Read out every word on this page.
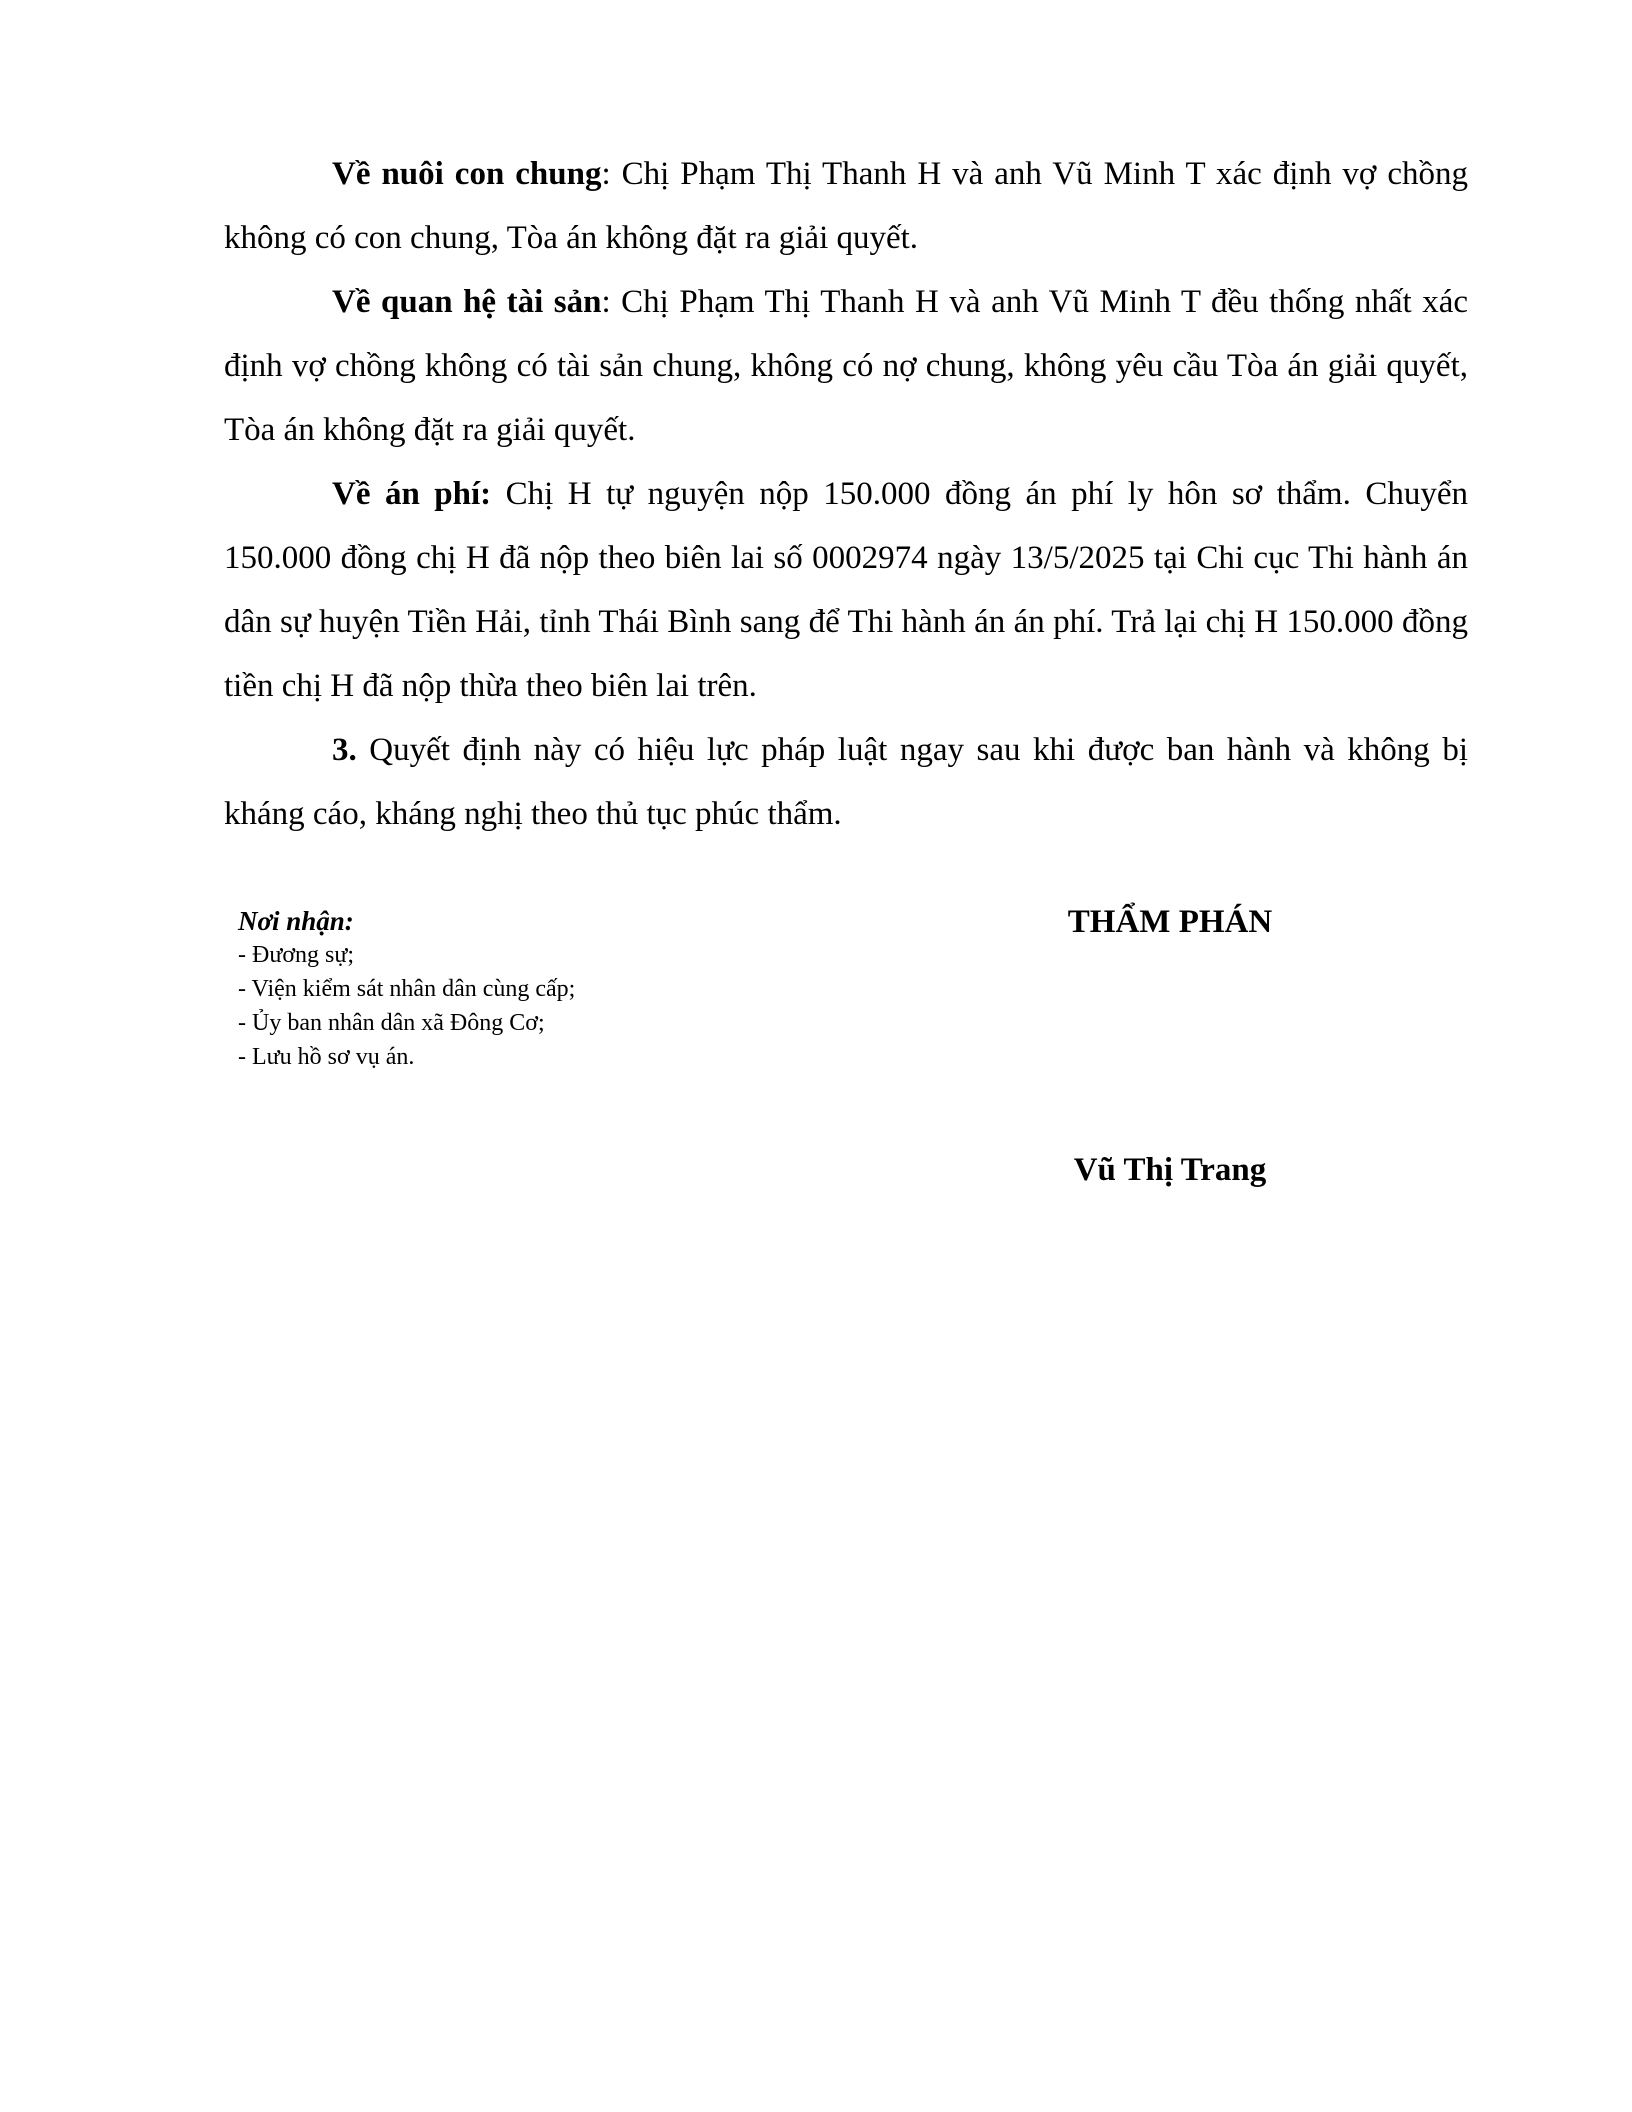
Về nuôi con chung: Chị Phạm Thị Thanh H và anh Vũ Minh T xác định vợ chồng không có con chung, Tòa án không đặt ra giải quyết.

Về quan hệ tài sản: Chị Phạm Thị Thanh H và anh Vũ Minh T đều thống nhất xác định vợ chồng không có tài sản chung, không có nợ chung, không yêu cầu Tòa án giải quyết, Tòa án không đặt ra giải quyết.

Về án phí: Chị H tự nguyện nộp 150.000 đồng án phí ly hôn sơ thẩm. Chuyển 150.000 đồng chị H đã nộp theo biên lai số 0002974 ngày 13/5/2025 tại Chi cục Thi hành án dân sự huyện Tiền Hải, tỉnh Thái Bình sang để Thi hành án án phí. Trả lại chị H 150.000 đồng tiền chị H đã nộp thừa theo biên lai trên.

3. Quyết định này có hiệu lực pháp luật ngay sau khi được ban hành và không bị kháng cáo, kháng nghị theo thủ tục phúc thẩm.

Nơi nhận:
- Đương sự;
- Viện kiểm sát nhân dân cùng cấp;
- Ủy ban nhân dân xã Đông Cơ;
- Lưu hồ sơ vụ án.
THẨM PHÁN
Vũ Thị Trang
